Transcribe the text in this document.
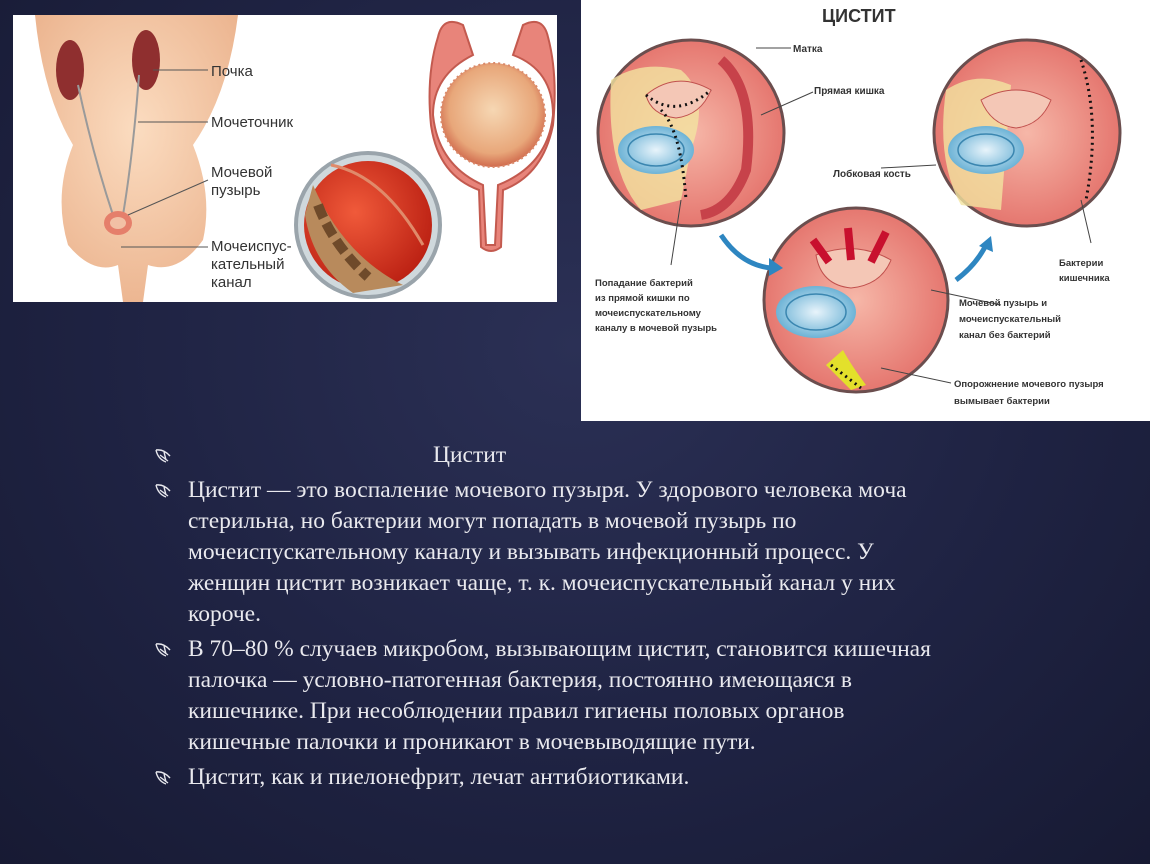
Почка
Мочеточник
Мочевой
пузырь
Мочеиспус-
кательный
канал
ЦИСТИТ
Матка
Прямая кишка
Лобковая кость
Попадание бактерий
из прямой кишки по
мочеиспускательному
каналу в мочевой пузырь
Бактерии
кишечника
Мочевой пузырь и
мочеиспускательный
канал без бактерий
Опорожнение мочевого пузыря
вымывает бактерии
Цистит
Цистит — это воспаление мочевого пузыря. У здорового человека моча стерильна, но бактерии могут попадать в мочевой пузырь по мочеиспускательному каналу и вызывать инфекционный процесс. У женщин цистит возникает чаще, т. к. мочеиспускательный канал у них короче.
В 70–80 % случаев микробом, вызывающим цистит, становится кишечная палочка — условно-патогенная бактерия, постоянно имеющаяся в кишечнике. При несоблюдении правил гигиены половых органов кишечные палочки и проникают в мочевыводящие пути.
Цистит, как и пиелонефрит, лечат антибиотиками.
